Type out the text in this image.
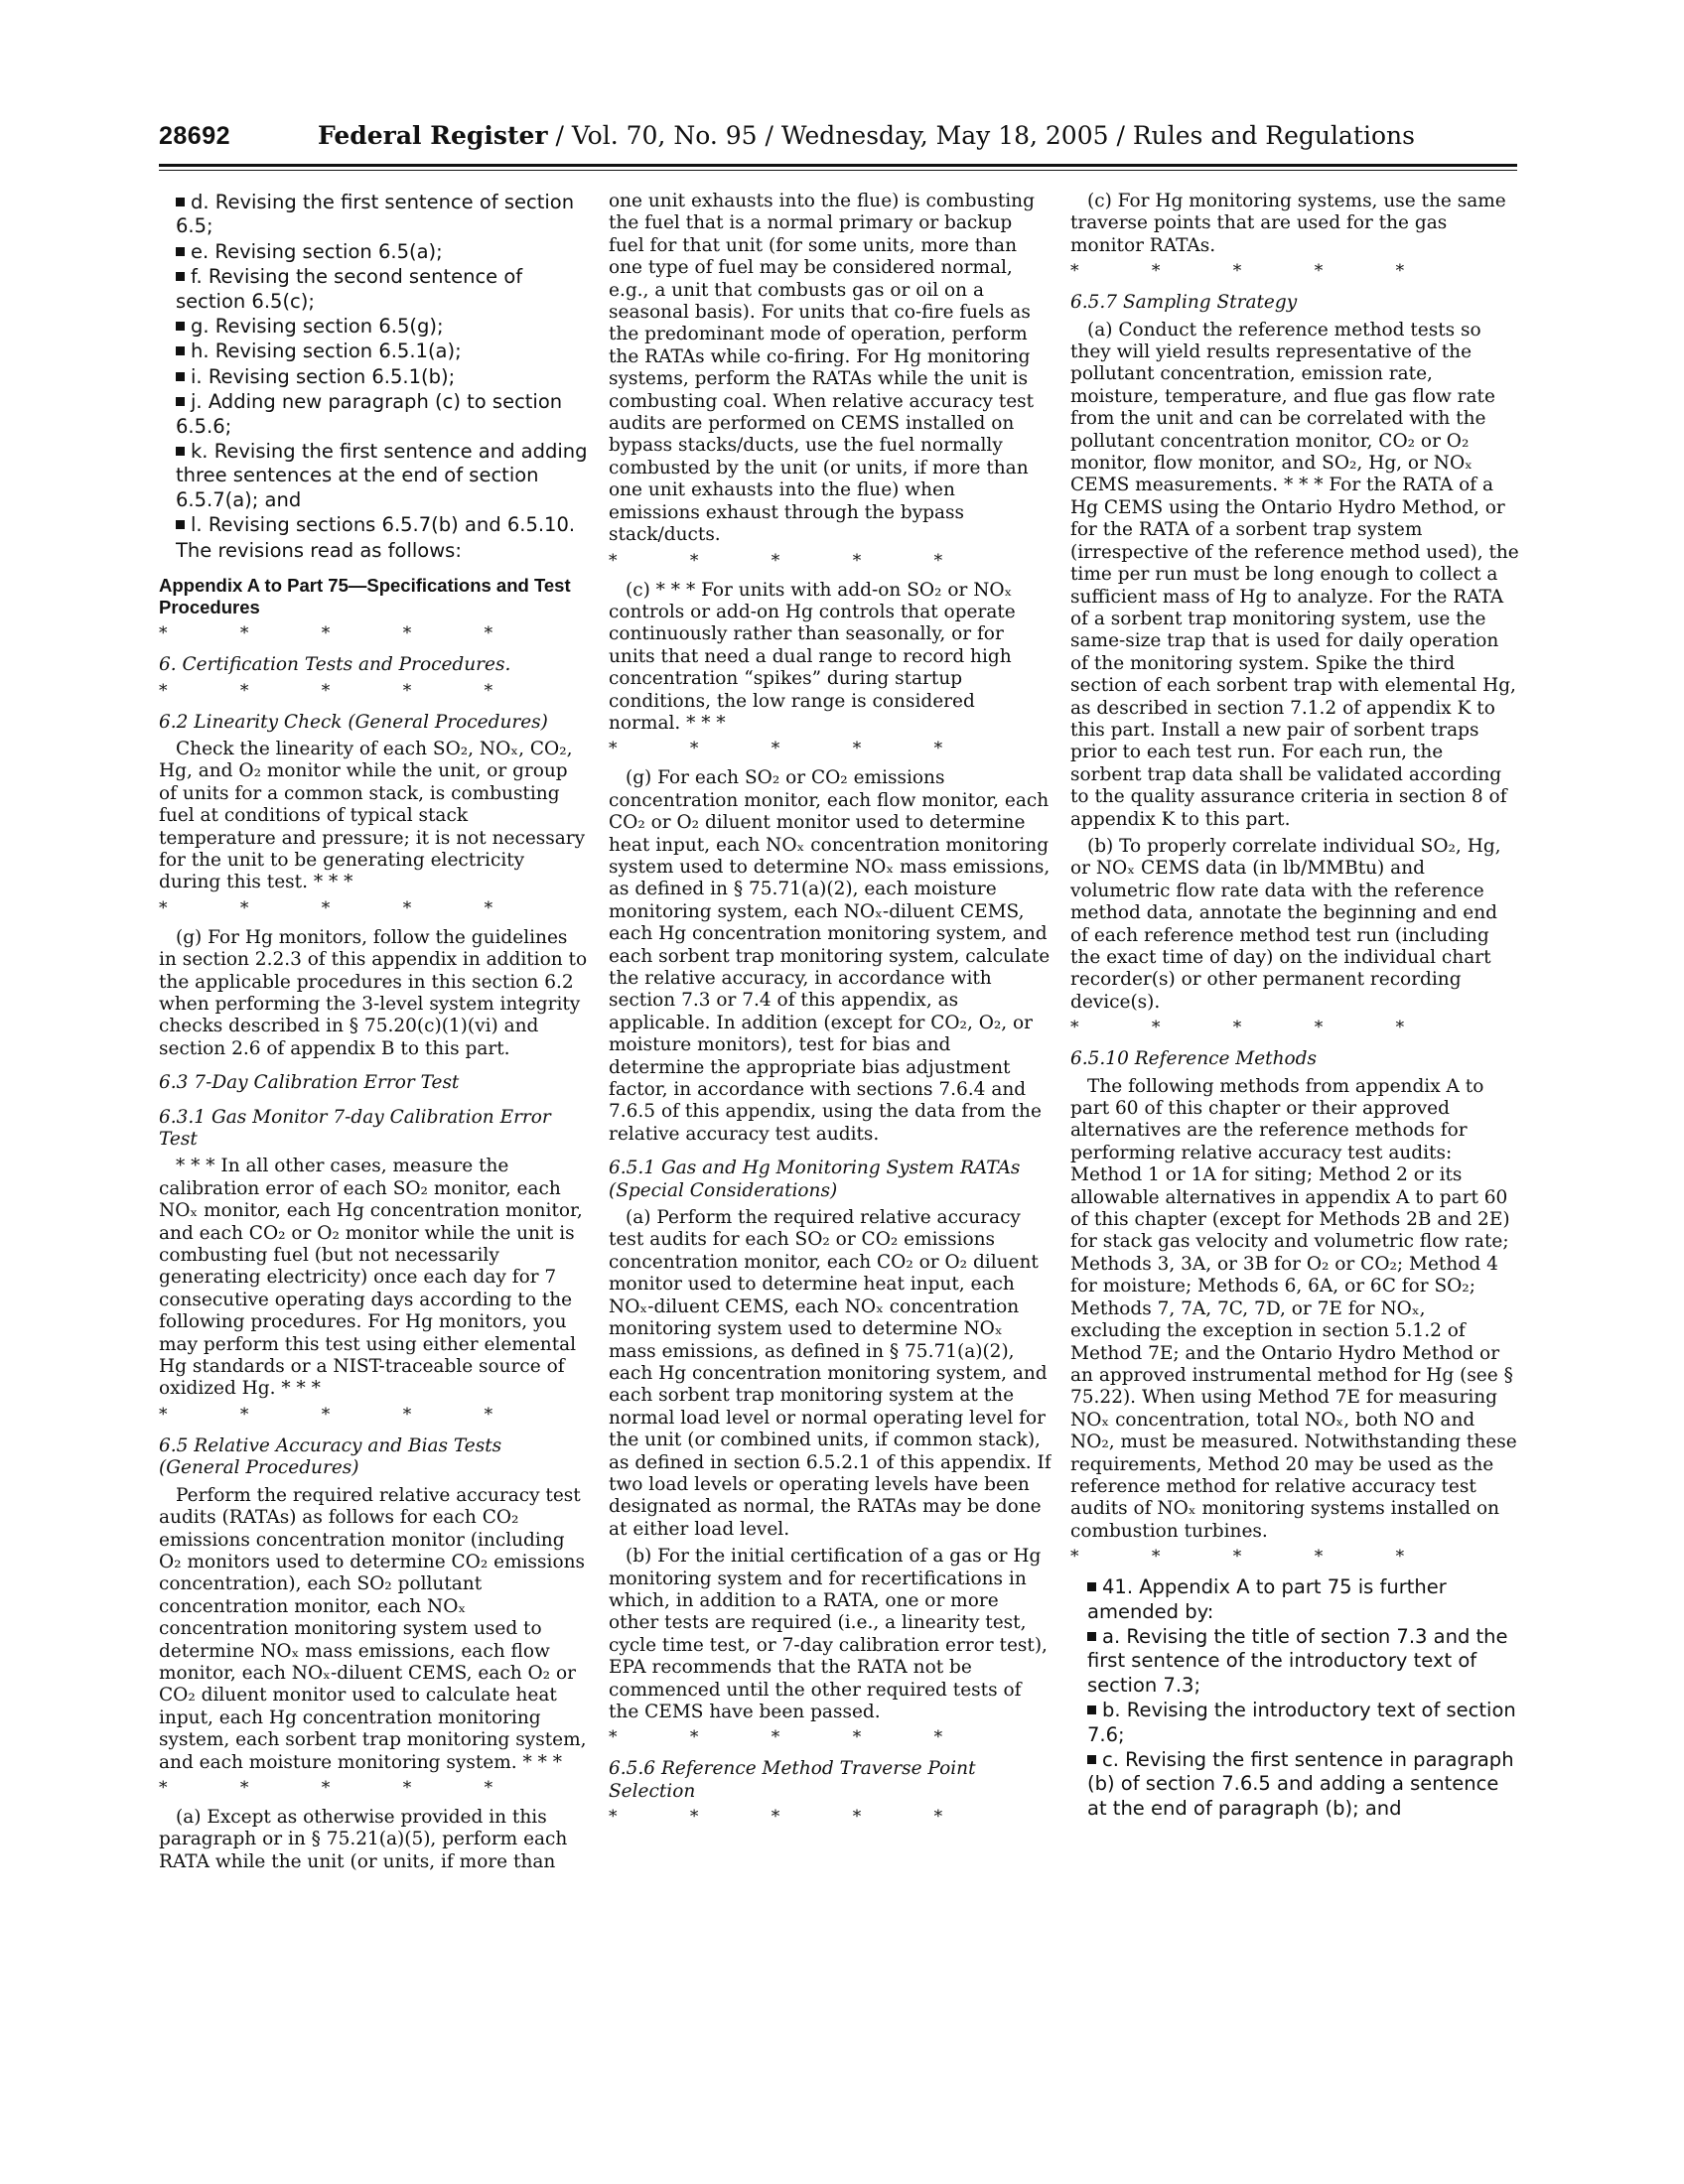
28692	Federal Register / Vol. 70, No. 95 / Wednesday, May 18, 2005 / Rules and Regulations

d. Revising the first sentence of section 6.5;

e. Revising section 6.5(a);

f. Revising the second sentence of section 6.5(c);

g. Revising section 6.5(g);

h. Revising section 6.5.1(a);

i. Revising section 6.5.1(b);

j. Adding new paragraph (c) to section 6.5.6;

k. Revising the first sentence and adding three sentences at the end of section 6.5.7(a); and

l. Revising sections 6.5.7(b) and 6.5.10.

The revisions read as follows:

Appendix A to Part 75—Specifications and Test Procedures
* * * * *
6. Certification Tests and Procedures.
* * * * *
6.2 Linearity Check (General Procedures)

Check the linearity of each SO₂, NOₓ, CO₂, Hg, and O₂ monitor while the unit, or group of units for a common stack, is combusting fuel at conditions of typical stack temperature and pressure; it is not necessary for the unit to be generating electricity during this test. * * *

* * * * *

(g) For Hg monitors, follow the guidelines in section 2.2.3 of this appendix in addition to the applicable procedures in this section 6.2 when performing the 3-level system integrity checks described in § 75.20(c)(1)(vi) and section 2.6 of appendix B to this part.

6.3 7-Day Calibration Error Test
6.3.1 Gas Monitor 7-day Calibration Error Test

* * * In all other cases, measure the calibration error of each SO₂ monitor, each NOₓ monitor, each Hg concentration monitor, and each CO₂ or O₂ monitor while the unit is combusting fuel (but not necessarily generating electricity) once each day for 7 consecutive operating days according to the following procedures. For Hg monitors, you may perform this test using either elemental Hg standards or a NIST-traceable source of oxidized Hg. * * *

* * * * *
6.5 Relative Accuracy and Bias Tests (General Procedures)

Perform the required relative accuracy test audits (RATAs) as follows for each CO₂ emissions concentration monitor (including O₂ monitors used to determine CO₂ emissions concentration), each SO₂ pollutant concentration monitor, each NOₓ concentration monitoring system used to determine NOₓ mass emissions, each flow monitor, each NOₓ-diluent CEMS, each O₂ or CO₂ diluent monitor used to calculate heat input, each Hg concentration monitoring system, each sorbent trap monitoring system, and each moisture monitoring system. * * *

* * * * *

(a) Except as otherwise provided in this paragraph or in § 75.21(a)(5), perform each RATA while the unit (or units, if more than

one unit exhausts into the flue) is combusting the fuel that is a normal primary or backup fuel for that unit (for some units, more than one type of fuel may be considered normal, e.g., a unit that combusts gas or oil on a seasonal basis). For units that co-fire fuels as the predominant mode of operation, perform the RATAs while co-firing. For Hg monitoring systems, perform the RATAs while the unit is combusting coal. When relative accuracy test audits are performed on CEMS installed on bypass stacks/ducts, use the fuel normally combusted by the unit (or units, if more than one unit exhausts into the flue) when emissions exhaust through the bypass stack/ducts.

* * * * *

(c) * * * For units with add-on SO₂ or NOₓ controls or add-on Hg controls that operate continuously rather than seasonally, or for units that need a dual range to record high concentration “spikes” during startup conditions, the low range is considered normal. * * *

* * * * *

(g) For each SO₂ or CO₂ emissions concentration monitor, each flow monitor, each CO₂ or O₂ diluent monitor used to determine heat input, each NOₓ concentration monitoring system used to determine NOₓ mass emissions, as defined in § 75.71(a)(2), each moisture monitoring system, each NOₓ-diluent CEMS, each Hg concentration monitoring system, and each sorbent trap monitoring system, calculate the relative accuracy, in accordance with section 7.3 or 7.4 of this appendix, as applicable. In addition (except for CO₂, O₂, or moisture monitors), test for bias and determine the appropriate bias adjustment factor, in accordance with sections 7.6.4 and 7.6.5 of this appendix, using the data from the relative accuracy test audits.

6.5.1 Gas and Hg Monitoring System RATAs (Special Considerations)

(a) Perform the required relative accuracy test audits for each SO₂ or CO₂ emissions concentration monitor, each CO₂ or O₂ diluent monitor used to determine heat input, each NOₓ-diluent CEMS, each NOₓ concentration monitoring system used to determine NOₓ mass emissions, as defined in § 75.71(a)(2), each Hg concentration monitoring system, and each sorbent trap monitoring system at the normal load level or normal operating level for the unit (or combined units, if common stack), as defined in section 6.5.2.1 of this appendix. If two load levels or operating levels have been designated as normal, the RATAs may be done at either load level.

(b) For the initial certification of a gas or Hg monitoring system and for recertifications in which, in addition to a RATA, one or more other tests are required (i.e., a linearity test, cycle time test, or 7-day calibration error test), EPA recommends that the RATA not be commenced until the other required tests of the CEMS have been passed.

* * * * *
6.5.6 Reference Method Traverse Point Selection
* * * * *

(c) For Hg monitoring systems, use the same traverse points that are used for the gas monitor RATAs.

* * * * *
6.5.7 Sampling Strategy

(a) Conduct the reference method tests so they will yield results representative of the pollutant concentration, emission rate, moisture, temperature, and flue gas flow rate from the unit and can be correlated with the pollutant concentration monitor, CO₂ or O₂ monitor, flow monitor, and SO₂, Hg, or NOₓ CEMS measurements. * * * For the RATA of a Hg CEMS using the Ontario Hydro Method, or for the RATA of a sorbent trap system (irrespective of the reference method used), the time per run must be long enough to collect a sufficient mass of Hg to analyze. For the RATA of a sorbent trap monitoring system, use the same-size trap that is used for daily operation of the monitoring system. Spike the third section of each sorbent trap with elemental Hg, as described in section 7.1.2 of appendix K to this part. Install a new pair of sorbent traps prior to each test run. For each run, the sorbent trap data shall be validated according to the quality assurance criteria in section 8 of appendix K to this part.

(b) To properly correlate individual SO₂, Hg, or NOₓ CEMS data (in lb/MMBtu) and volumetric flow rate data with the reference method data, annotate the beginning and end of each reference method test run (including the exact time of day) on the individual chart recorder(s) or other permanent recording device(s).

* * * * *
6.5.10 Reference Methods

The following methods from appendix A to part 60 of this chapter or their approved alternatives are the reference methods for performing relative accuracy test audits: Method 1 or 1A for siting; Method 2 or its allowable alternatives in appendix A to part 60 of this chapter (except for Methods 2B and 2E) for stack gas velocity and volumetric flow rate; Methods 3, 3A, or 3B for O₂ or CO₂; Method 4 for moisture; Methods 6, 6A, or 6C for SO₂; Methods 7, 7A, 7C, 7D, or 7E for NOₓ, excluding the exception in section 5.1.2 of Method 7E; and the Ontario Hydro Method or an approved instrumental method for Hg (see § 75.22). When using Method 7E for measuring NOₓ concentration, total NOₓ, both NO and NO₂, must be measured. Notwithstanding these requirements, Method 20 may be used as the reference method for relative accuracy test audits of NOₓ monitoring systems installed on combustion turbines.

* * * * *

41. Appendix A to part 75 is further amended by:

a. Revising the title of section 7.3 and the first sentence of the introductory text of section 7.3;

b. Revising the introductory text of section 7.6;

c. Revising the first sentence in paragraph (b) of section 7.6.5 and adding a sentence at the end of paragraph (b); and
